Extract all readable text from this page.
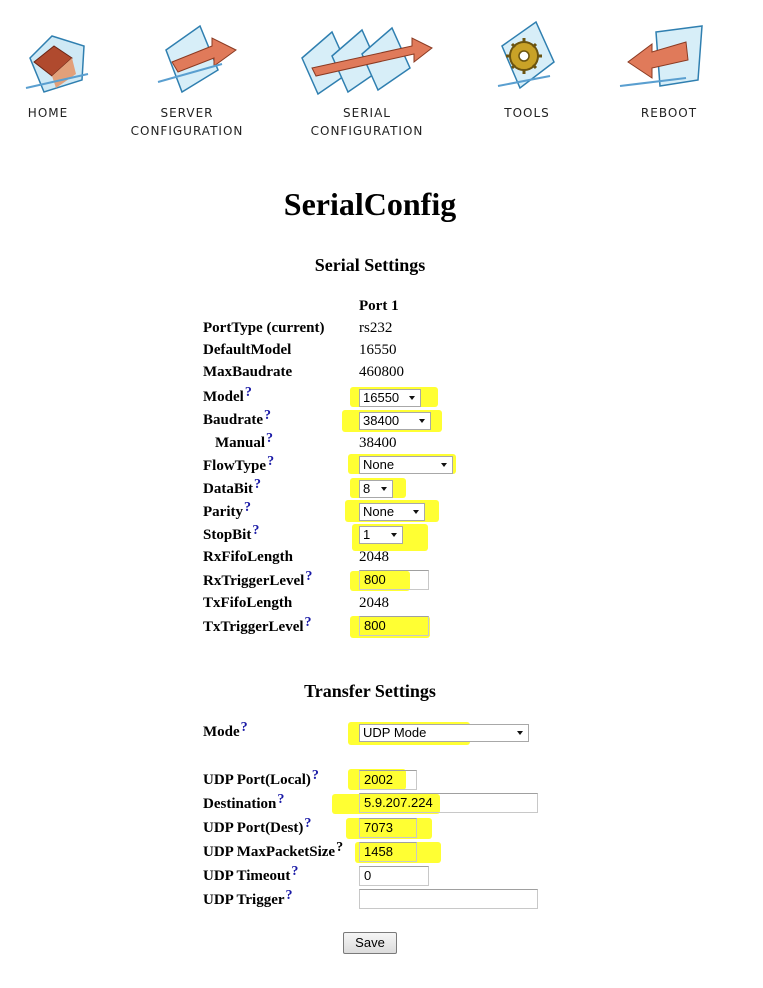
HOME	SERVER
CONFIGURATION
SERIAL
CONFIGURATION
TOOLS	REBOOT
SerialConfig
Serial Settings
Port 1
PortType (current) rs232
DefaultModel	16550
MaxBaudrate	460800
Model?	16550
Baudrate?	38400
Manual?	38400
FlowType?	None
DataBit?	8
Parity?	None
StopBit?	1
RxFifoLength	2048
RxTriggerLevel?	800
TxFifoLength	2048
TxTriggerLevel?	800
Transfer Settings
Mode?	UDP Mode
UDP Port(Local)?	2002
Destination?	5.9.207.224
UDP Port(Dest)?	7073
UDP MaxPacketSize?	1458
UDP Timeout?	0
UDP Trigger?
Save
